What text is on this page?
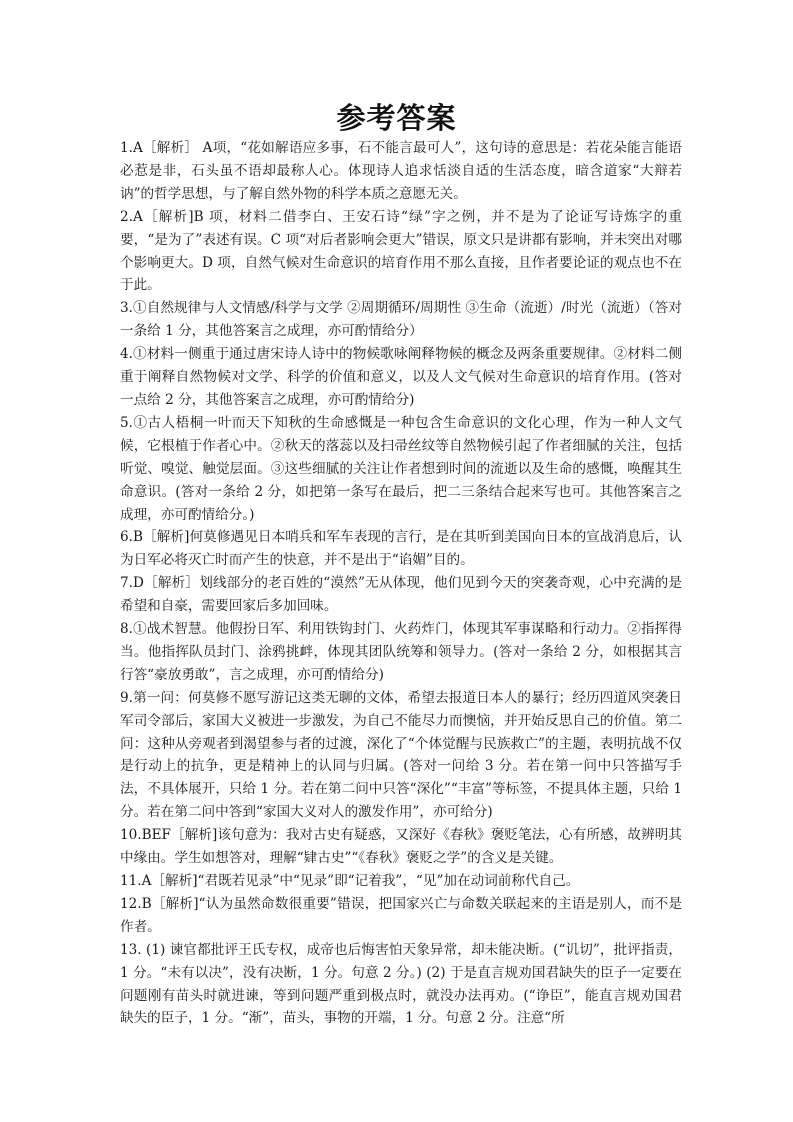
参考答案

1.A［解析］ A项，“花如解语应多事，石不能言最可人”，这句诗的意思是：若花朵能言能语必惹是非，石头虽不语却最称人心。体现诗人追求恬淡自适的生活态度，暗含道家“大辩若讷”的哲学思想，与了解自然外物的科学本质之意愿无关。

2.A［解析]B 项，材料二借李白、王安石诗“绿”字之例，并不是为了论证写诗炼字的重要，“是为了”表述有误。C 项“对后者影响会更大”错误，原文只是讲都有影响，并未突出对哪个影响更大。D 项，自然气候对生命意识的培育作用不那么直接，且作者要论证的观点也不在于此。

3.①自然规律与人文情感/科学与文学 ②周期循环/周期性 ③生命（流逝）/时光（流逝）（答对一条给 1 分，其他答案言之成理，亦可酌情给分）

4.①材料一侧重于通过唐宋诗人诗中的物候歌咏阐释物候的概念及两条重要规律。②材料二侧重于阐释自然物候对文学、科学的价值和意义，以及人文气候对生命意识的培育作用。(答对一点给 2 分，其他答案言之成理，亦可酌情给分)

5.①古人梧桐一叶而天下知秋的生命感慨是一种包含生命意识的文化心理，作为一种人文气候，它根植于作者心中。②秋天的落蕊以及扫帚丝纹等自然物候引起了作者细腻的关注，包括听觉、嗅觉、触觉层面。③这些细腻的关注让作者想到时间的流逝以及生命的感慨，唤醒其生命意识。(答对一条给 2 分，如把第一条写在最后，把二三条结合起来写也可。其他答案言之成理，亦可酌情给分。)

6.B［解析]何莫修遇见日本哨兵和军车表现的言行，是在其听到美国向日本的宣战消息后，认为日军必将灭亡时而产生的快意，并不是出于“谄媚”目的。

7.D［解析］划线部分的老百姓的“漠然”无从体现，他们见到今天的突袭奇观，心中充满的是希望和自豪，需要回家后多加回味。

8.①战术智慧。他假扮日军、利用铁钩封门、火药炸门，体现其军事谋略和行动力。②指挥得当。他指挥队员封门、涂鸦挑衅，体现其团队统筹和领导力。(答对一条给 2 分，如根据其言行答“豪放勇敢”，言之成理，亦可酌情给分)

9.第一问：何莫修不愿写游记这类无聊的文体，希望去报道日本人的暴行；经历四道风突袭日军司令部后，家国大义被进一步激发，为自己不能尽力而懊恼，并开始反思自己的价值。第二问：这种从旁观者到渴望参与者的过渡，深化了“个体觉醒与民族救亡”的主题，表明抗战不仅是行动上的抗争，更是精神上的认同与归属。(答对一问给 3 分。若在第一问中只答描写手法，不具体展开，只给 1 分。若在第二问中只答“深化”“丰富”等标签，不提具体主题，只给 1 分。若在第二问中答到“家国大义对人的激发作用”，亦可给分)

10.BEF［解析]该句意为：我对古史有疑惑，又深好《春秋》褒贬笔法，心有所感，故辨明其中缘由。学生如想答对，理解“肄古史”“《春秋》褒贬之学”的含义是关键。

11.A［解析]“君既若见录”中“见录”即“记着我”，“见”加在动词前称代自己。

12.B［解析]“认为虽然命数很重要”错误，把国家兴亡与命数关联起来的主语是别人，而不是作者。

13. (1) 谏官都批评王氏专权，成帝也后悔害怕天象异常，却未能决断。(“讥切”，批评指责，1 分。“未有以决”，没有决断，1 分。句意 2 分。) (2) 于是直言规劝国君缺失的臣子一定要在问题刚有苗头时就进谏，等到问题严重到极点时，就没办法再劝。(“诤臣”，能直言规劝国君缺失的臣子，1 分。“渐”，苗头，事物的开端，1 分。句意 2 分。注意“所
